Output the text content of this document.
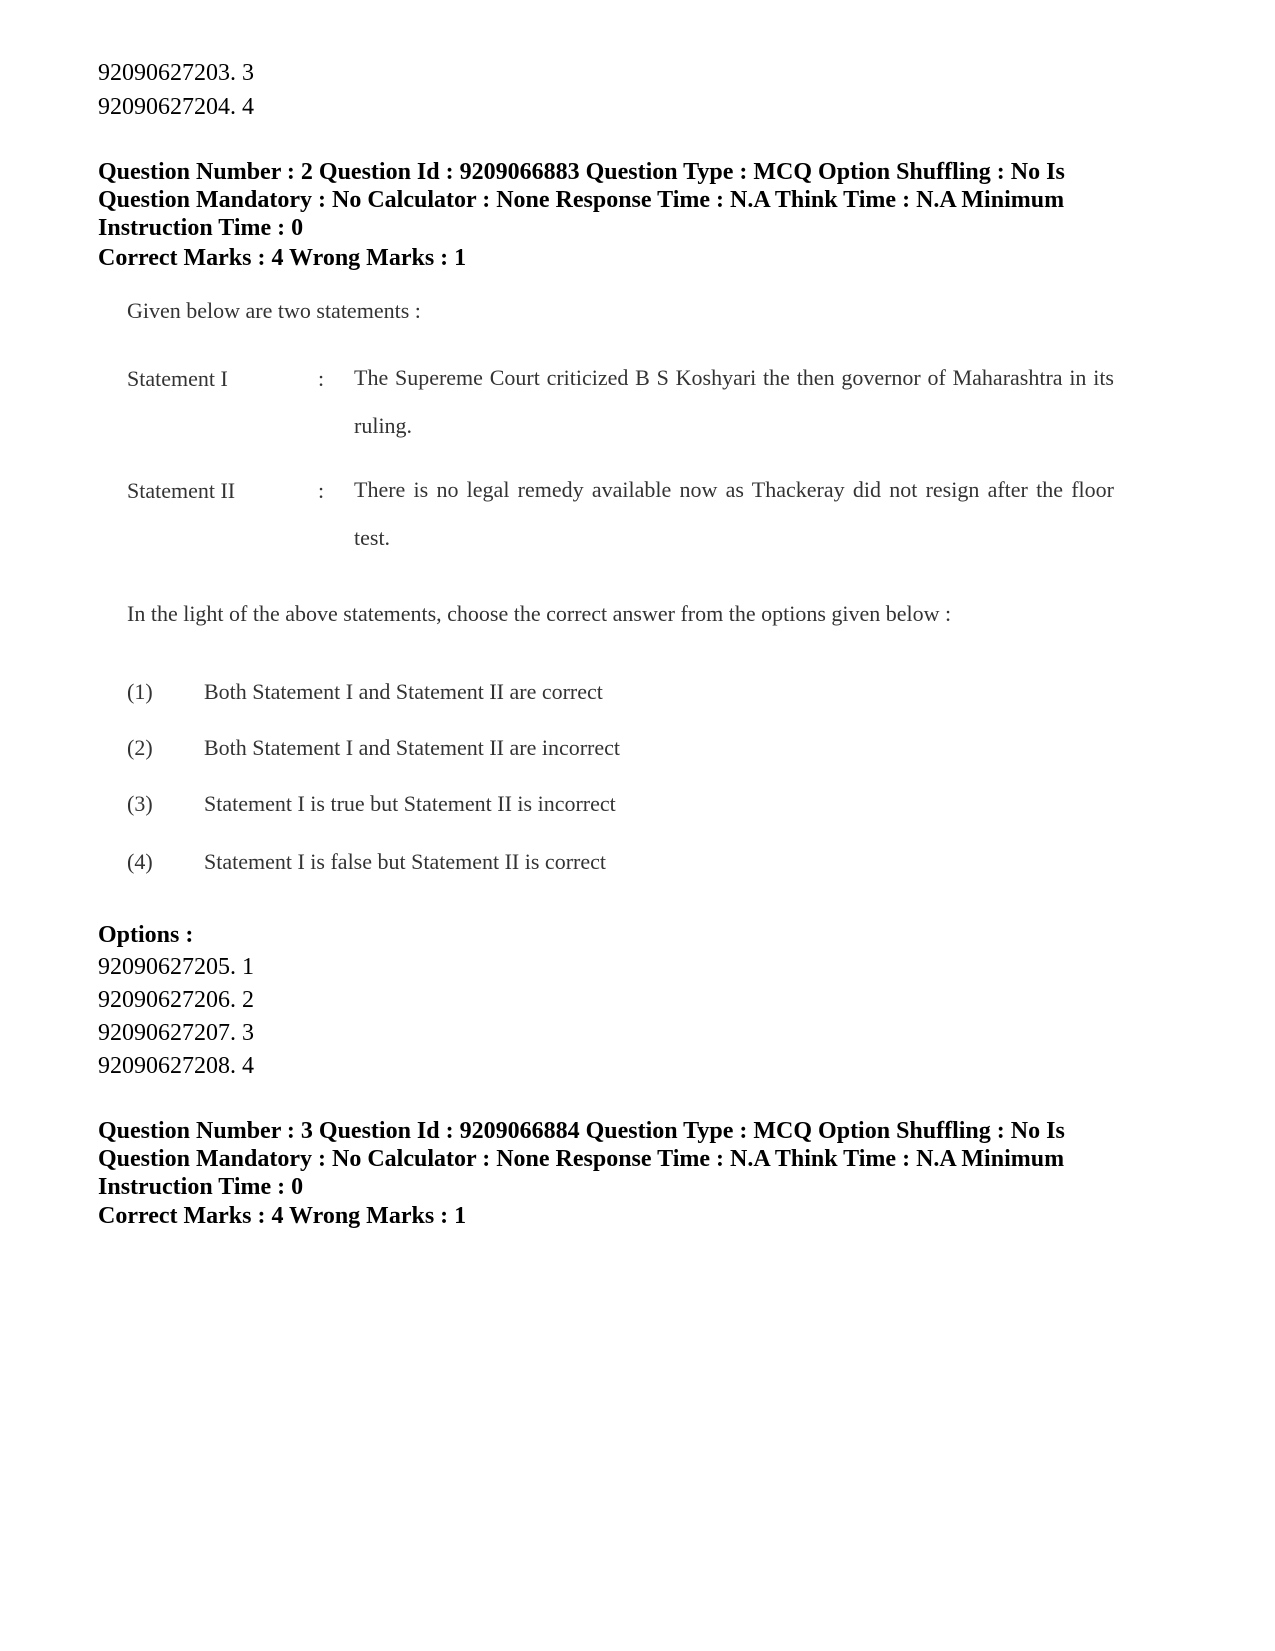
92090627203. 3
92090627204. 4
Question Number : 2 Question Id : 9209066883 Question Type : MCQ Option Shuffling : No Is
Question Mandatory : No Calculator : None Response Time : N.A Think Time : N.A Minimum
Instruction Time : 0
Correct Marks : 4 Wrong Marks : 1
Given below are two statements :
Statement I	: The Supereme Court criticized B S Koshyari the then governor of Maharashtra in its ruling.
Statement II	: There is no legal remedy available now as Thackeray did not resign after the floor test.
In the light of the above statements, choose the correct answer from the options given below :
(1) Both Statement I and Statement II are correct
(2) Both Statement I and Statement II are incorrect
(3) Statement I is true but Statement II is incorrect
(4) Statement I is false but Statement II is correct
Options :
92090627205. 1
92090627206. 2
92090627207. 3
92090627208. 4
Question Number : 3 Question Id : 9209066884 Question Type : MCQ Option Shuffling : No Is
Question Mandatory : No Calculator : None Response Time : N.A Think Time : N.A Minimum
Instruction Time : 0
Correct Marks : 4 Wrong Marks : 1
